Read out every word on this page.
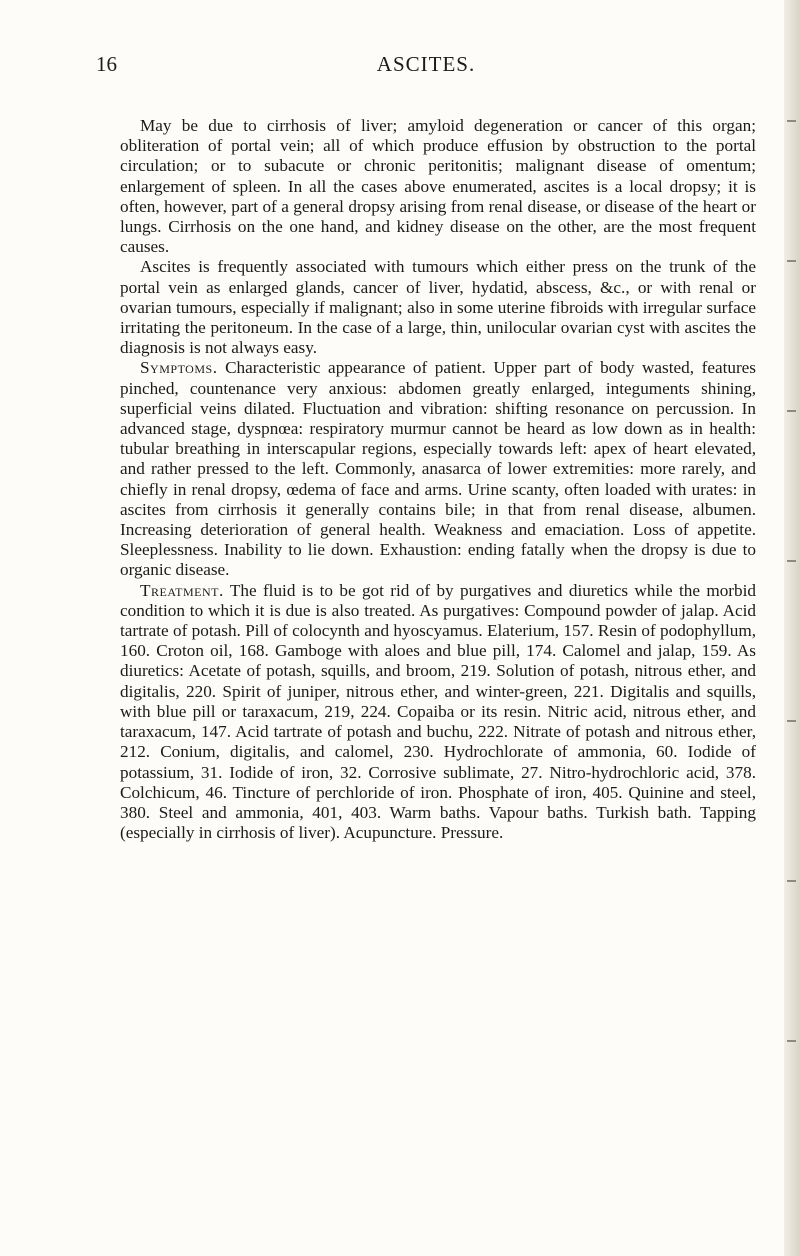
16	ASCITES.

May be due to cirrhosis of liver; amyloid degeneration or cancer of this organ; obliteration of portal vein; all of which produce effusion by obstruction to the portal circulation; or to subacute or chronic peritonitis; malignant disease of omentum; enlargement of spleen. In all the cases above enumerated, ascites is a local dropsy; it is often, however, part of a general dropsy arising from renal disease, or disease of the heart or lungs. Cirrhosis on the one hand, and kidney disease on the other, are the most frequent causes.

Ascites is frequently associated with tumours which either press on the trunk of the portal vein as enlarged glands, cancer of liver, hydatid, abscess, &c., or with renal or ovarian tumours, especially if malignant; also in some uterine fibroids with irregular surface irritating the peritoneum. In the case of a large, thin, unilocular ovarian cyst with ascites the diagnosis is not always easy.

Symptoms. Characteristic appearance of patient. Upper part of body wasted, features pinched, countenance very anxious: abdomen greatly enlarged, integuments shining, superficial veins dilated. Fluctuation and vibration: shifting resonance on percussion. In advanced stage, dyspnœa: respiratory murmur cannot be heard as low down as in health: tubular breathing in interscapular regions, especially towards left: apex of heart elevated, and rather pressed to the left. Commonly, anasarca of lower extremities: more rarely, and chiefly in renal dropsy, œdema of face and arms. Urine scanty, often loaded with urates: in ascites from cirrhosis it generally contains bile; in that from renal disease, albumen. Increasing deterioration of general health. Weakness and emaciation. Loss of appetite. Sleeplessness. Inability to lie down. Exhaustion: ending fatally when the dropsy is due to organic disease.

Treatment. The fluid is to be got rid of by purgatives and diuretics while the morbid condition to which it is due is also treated. As purgatives: Compound powder of jalap. Acid tartrate of potash. Pill of colocynth and hyoscyamus. Elaterium, 157. Resin of podophyllum, 160. Croton oil, 168. Gamboge with aloes and blue pill, 174. Calomel and jalap, 159. As diuretics: Acetate of potash, squills, and broom, 219. Solution of potash, nitrous ether, and digitalis, 220. Spirit of juniper, nitrous ether, and winter-green, 221. Digitalis and squills, with blue pill or taraxacum, 219, 224. Copaiba or its resin. Nitric acid, nitrous ether, and taraxacum, 147. Acid tartrate of potash and buchu, 222. Nitrate of potash and nitrous ether, 212. Conium, digitalis, and calomel, 230. Hydrochlorate of ammonia, 60. Iodide of potassium, 31. Iodide of iron, 32. Corrosive sublimate, 27. Nitro-hydrochloric acid, 378. Colchicum, 46. Tincture of perchloride of iron. Phosphate of iron, 405. Quinine and steel, 380. Steel and ammonia, 401, 403. Warm baths. Vapour baths. Turkish bath. Tapping (especially in cirrhosis of liver). Acupuncture. Pressure.
